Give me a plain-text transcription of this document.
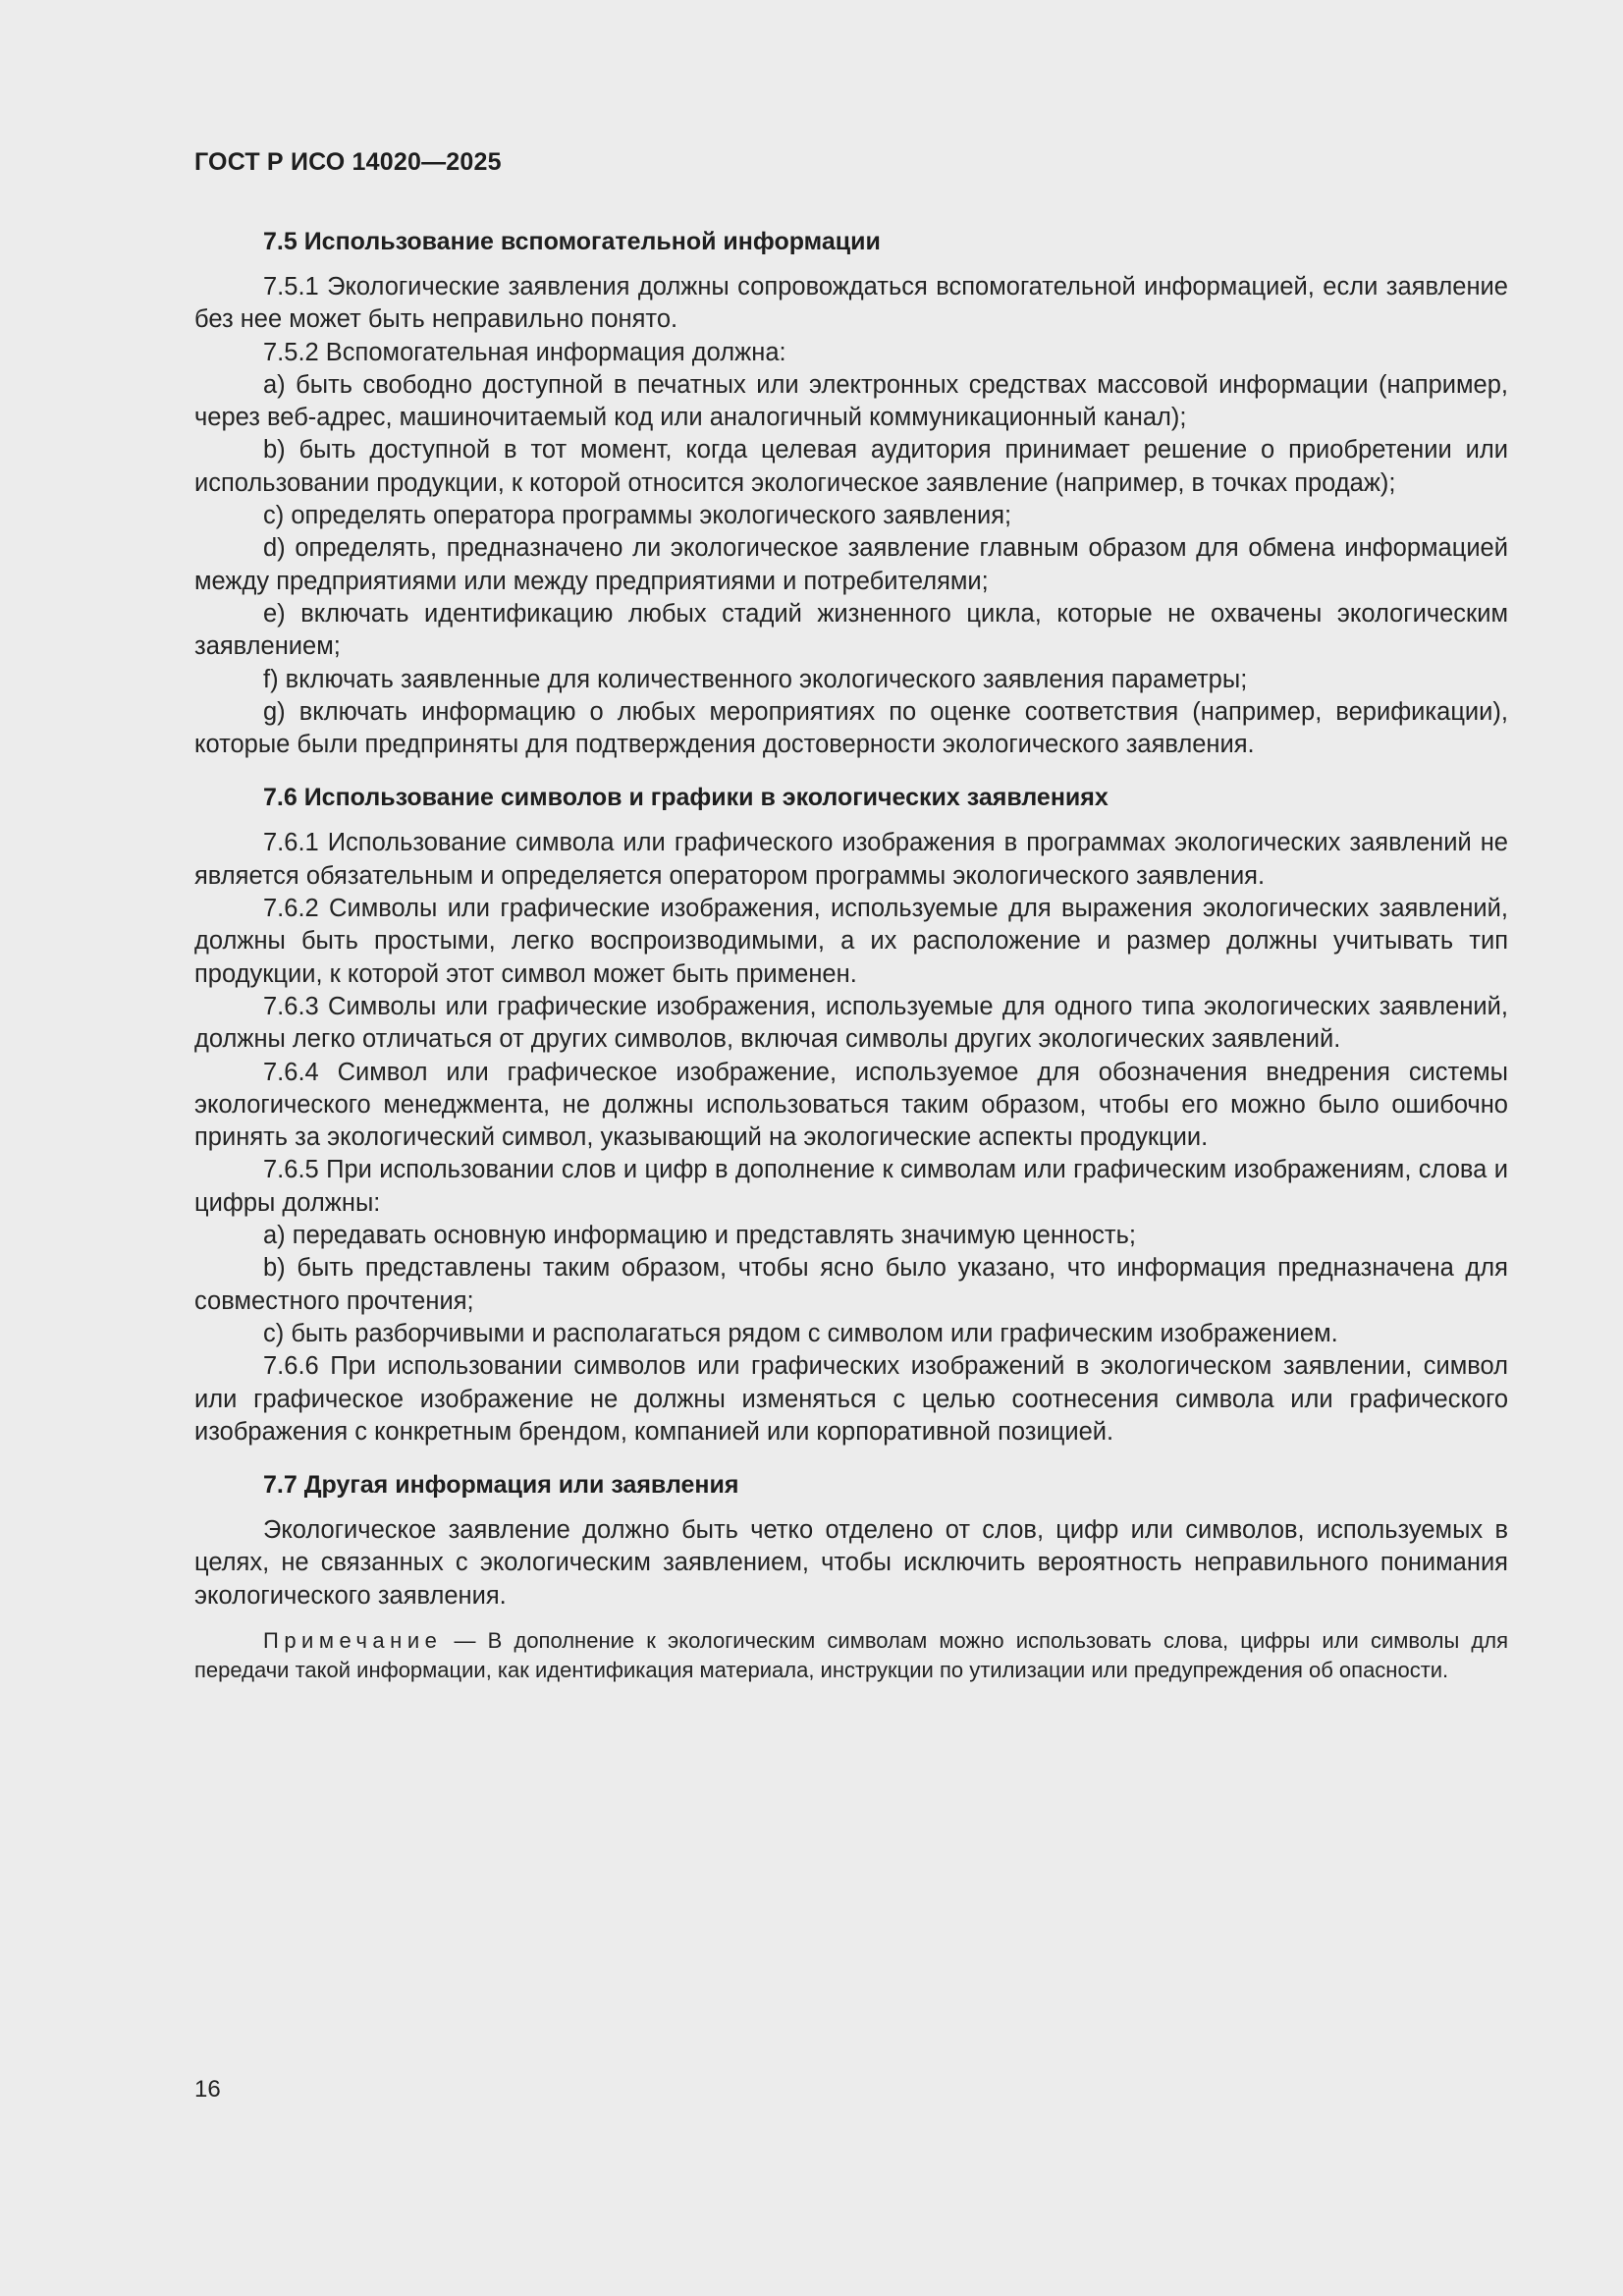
ГОСТ Р ИСО 14020—2025
7.5 Использование вспомогательной информации

7.5.1 Экологические заявления должны сопровождаться вспомогательной информацией, если заявление без нее может быть неправильно понято.

7.5.2 Вспомогательная информация должна:

a) быть свободно доступной в печатных или электронных средствах массовой информации (например, через веб-адрес, машиночитаемый код или аналогичный коммуникационный канал);

b) быть доступной в тот момент, когда целевая аудитория принимает решение о приобретении или использовании продукции, к которой относится экологическое заявление (например, в точках продаж);

c) определять оператора программы экологического заявления;

d) определять, предназначено ли экологическое заявление главным образом для обмена информацией между предприятиями или между предприятиями и потребителями;

e) включать идентификацию любых стадий жизненного цикла, которые не охвачены экологическим заявлением;

f) включать заявленные для количественного экологического заявления параметры;

g) включать информацию о любых мероприятиях по оценке соответствия (например, верификации), которые были предприняты для подтверждения достоверности экологического заявления.

7.6 Использование символов и графики в экологических заявлениях

7.6.1 Использование символа или графического изображения в программах экологических заявлений не является обязательным и определяется оператором программы экологического заявления.

7.6.2 Символы или графические изображения, используемые для выражения экологических заявлений, должны быть простыми, легко воспроизводимыми, а их расположение и размер должны учитывать тип продукции, к которой этот символ может быть применен.

7.6.3 Символы или графические изображения, используемые для одного типа экологических заявлений, должны легко отличаться от других символов, включая символы других экологических заявлений.

7.6.4 Символ или графическое изображение, используемое для обозначения внедрения системы экологического менеджмента, не должны использоваться таким образом, чтобы его можно было ошибочно принять за экологический символ, указывающий на экологические аспекты продукции.

7.6.5 При использовании слов и цифр в дополнение к символам или графическим изображениям, слова и цифры должны:

a) передавать основную информацию и представлять значимую ценность;

b) быть представлены таким образом, чтобы ясно было указано, что информация предназначена для совместного прочтения;

c) быть разборчивыми и располагаться рядом с символом или графическим изображением.

7.6.6 При использовании символов или графических изображений в экологическом заявлении, символ или графическое изображение не должны изменяться с целью соотнесения символа или графического изображения с конкретным брендом, компанией или корпоративной позицией.

7.7 Другая информация или заявления

Экологическое заявление должно быть четко отделено от слов, цифр или символов, используемых в целях, не связанных с экологическим заявлением, чтобы исключить вероятность неправильного понимания экологического заявления.

Примечание — В дополнение к экологическим символам можно использовать слова, цифры или символы для передачи такой информации, как идентификация материала, инструкции по утилизации или предупреждения об опасности.

16
